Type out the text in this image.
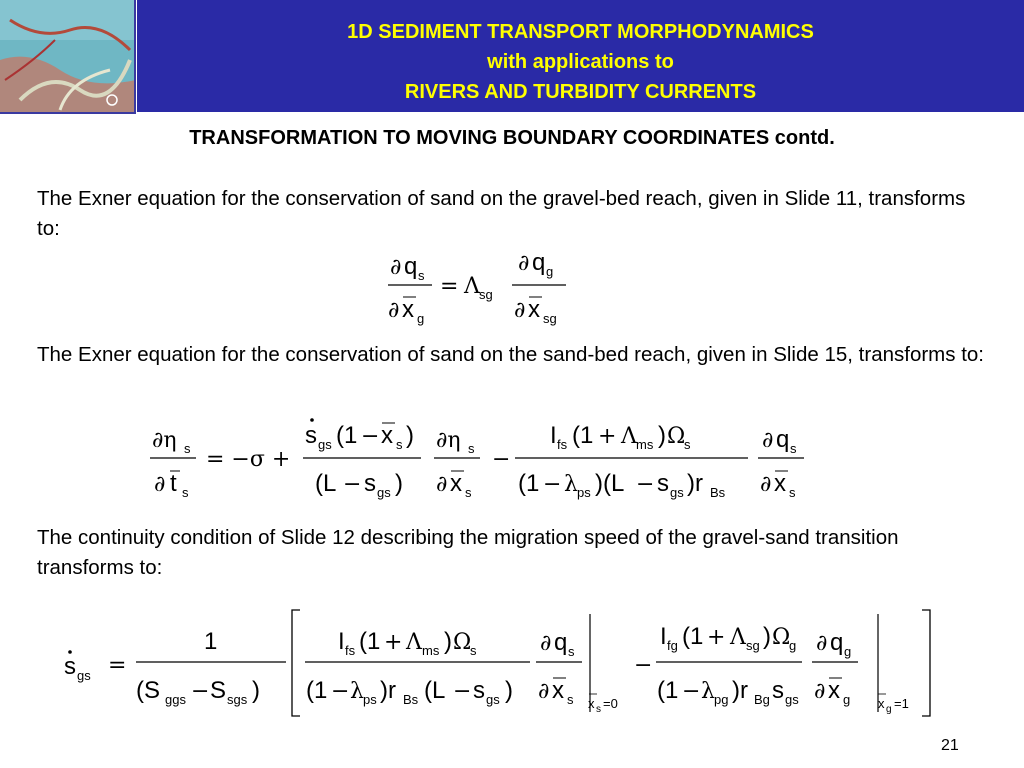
1D SEDIMENT TRANSPORT MORPHODYNAMICS
with applications to
RIVERS AND TURBIDITY CURRENTS
TRANSFORMATION TO MOVING BOUNDARY COORDINATES contd.
The Exner equation for the conservation of sand on the gravel-bed reach, given in Slide 11, transforms to:
∂ q s
∂ x g
= Λ sg
∂ q g
∂ x sg
The Exner equation for the conservation of sand on the sand-bed reach, given in Slide 15, transforms to:
∂η s
∂ t s
= −σ +
s gs (1 − x s )
(L − s gs )
∂η s
∂ x s
−
I fs (1 + Λ ms ) Ω
s
(1 − λ ps )(L − s gs )r Bs
∂ q s
∂ x s
The continuity condition of Slide 12 describing the migration speed of the gravel-sand transition transforms to:
s gs =
1
(S ggs − S sgs )
I fs (1 + Λ ms ) Ω
s
(1 − λ ps )r Bs (L − s gs )
∂ q s
∂ x s x s =0
−
I fg (1 + Λ sg ) Ω
g
(1 − λ pg )r Bg s gs
∂ q g
∂ x g x g =1
21
